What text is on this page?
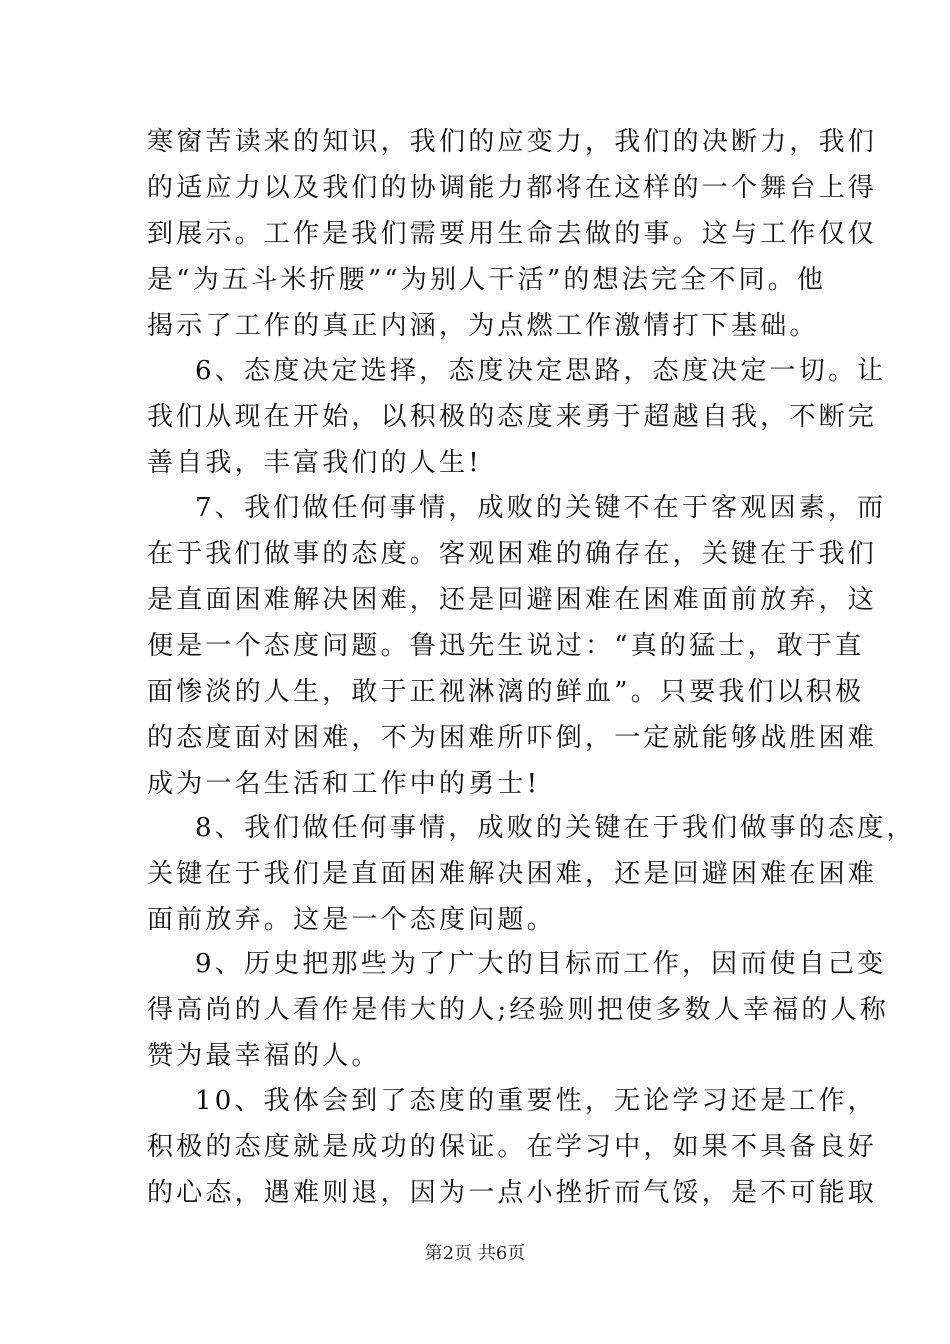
寒窗苦读来的知识，我们的应变力，我们的决断力，我们
的适应力以及我们的协调能力都将在这样的一个舞台上得
到展示。工作是我们需要用生命去做的事。这与工作仅仅
是“为五斗米折腰”“为别人干活”的想法完全不同。他
揭示了工作的真正内涵，为点燃工作激情打下基础。
6、态度决定选择，态度决定思路，态度决定一切。让
我们从现在开始，以积极的态度来勇于超越自我，不断完
善自我，丰富我们的人生!
7、我们做任何事情，成败的关键不在于客观因素，而
在于我们做事的态度。客观困难的确存在，关键在于我们
是直面困难解决困难，还是回避困难在困难面前放弃，这
便是一个态度问题。鲁迅先生说过：“真的猛士，敢于直
面惨淡的人生，敢于正视淋漓的鲜血”。只要我们以积极
的态度面对困难，不为困难所吓倒，一定就能够战胜困难
成为一名生活和工作中的勇士!
8、我们做任何事情，成败的关键在于我们做事的态度，
关键在于我们是直面困难解决困难，还是回避困难在困难
面前放弃。这是一个态度问题。
9、历史把那些为了广大的目标而工作，因而使自己变
得高尚的人看作是伟大的人;经验则把使多数人幸福的人称
赞为最幸福的人。
10、我体会到了态度的重要性，无论学习还是工作，
积极的态度就是成功的保证。在学习中，如果不具备良好
的心态，遇难则退，因为一点小挫折而气馁，是不可能取
第2页 共6页
